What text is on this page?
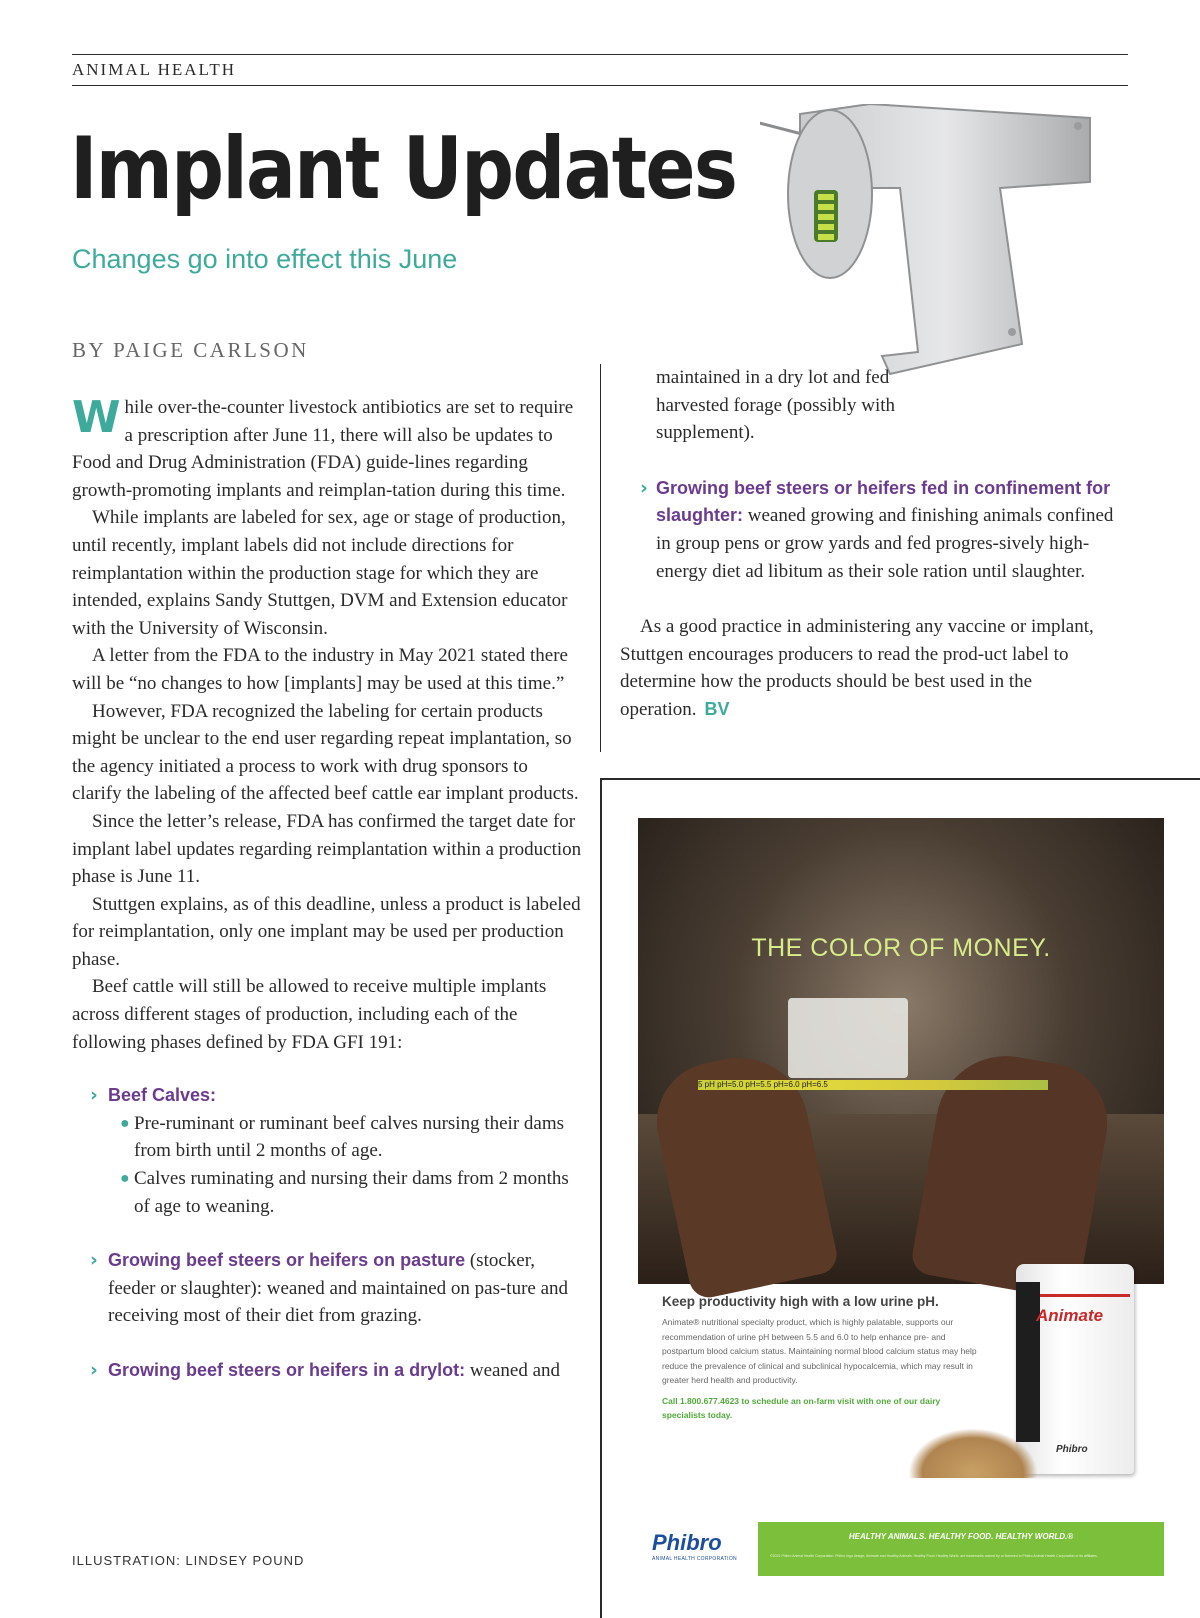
ANIMAL HEALTH
Implant Updates
Changes go into effect this June
BY PAIGE CARLSON

While over-the-counter livestock antibiotics are set to require a prescription after June 11, there will also be updates to Food and Drug Administration (FDA) guide-lines regarding growth-promoting implants and reimplan-tation during this time.

While implants are labeled for sex, age or stage of production, until recently, implant labels did not include directions for reimplantation within the production stage for which they are intended, explains Sandy Stuttgen, DVM and Extension educator with the University of Wisconsin.

A letter from the FDA to the industry in May 2021 stated there will be “no changes to how [implants] may be used at this time.”

However, FDA recognized the labeling for certain products might be unclear to the end user regarding repeat implantation, so the agency initiated a process to work with drug sponsors to clarify the labeling of the affected beef cattle ear implant products.

Since the letter’s release, FDA has confirmed the target date for implant label updates regarding reimplantation within a production phase is June 11.

Stuttgen explains, as of this deadline, unless a product is labeled for reimplantation, only one implant may be used per production phase.

Beef cattle will still be allowed to receive multiple implants across different stages of production, including each of the following phases defined by FDA GFI 191:

› Beef Calves:
● Pre-ruminant or ruminant beef calves nursing their dams from birth until 2 months of age.
● Calves ruminating and nursing their dams from 2 months of age to weaning.
› Growing beef steers or heifers on pasture (stocker, feeder or slaughter): weaned and maintained on pas-ture and receiving most of their diet from grazing.
› Growing beef steers or heifers in a drylot: weaned and

maintained in a dry lot and fed harvested forage (possibly with supplement).

› Growing beef steers or heifers fed in confinement for slaughter: weaned growing and finishing animals confined in group pens or grow yards and fed progres-sively high-energy diet ad libitum as their sole ration until slaughter.

As a good practice in administering any vaccine or implant, Stuttgen encourages producers to read the prod-uct label to determine how the products should be best used in the operation. BV

ILLUSTRATION: LINDSEY POUND
5 pH pH=5.0 pH=5.5 pH=6.0 pH=6.5
THE COLOR OF MONEY.
Keep productivity high with a low urine pH.
Animate® nutritional specialty product, which is highly palatable, supports our recommendation of urine pH between 5.5 and 6.0 to help enhance pre- and postpartum blood calcium status. Maintaining normal blood calcium status may help reduce the prevalence of clinical and subclinical hypocalcemia, which may result in greater herd health and productivity.
Call 1.800.677.4623 to schedule an on-farm visit with one of our dairy specialists today.
Animate
Phibro
Phibro
ANIMAL HEALTH CORPORATION
HEALTHY ANIMALS. HEALTHY FOOD. HEALTHY WORLD.®
©2021 Phibro Animal Health Corporation. Phibro logo design, Animate and Healthy Animals. Healthy Food. Healthy World. are trademarks owned by or licensed to Phibro Animal Health Corporation or its affiliates.
